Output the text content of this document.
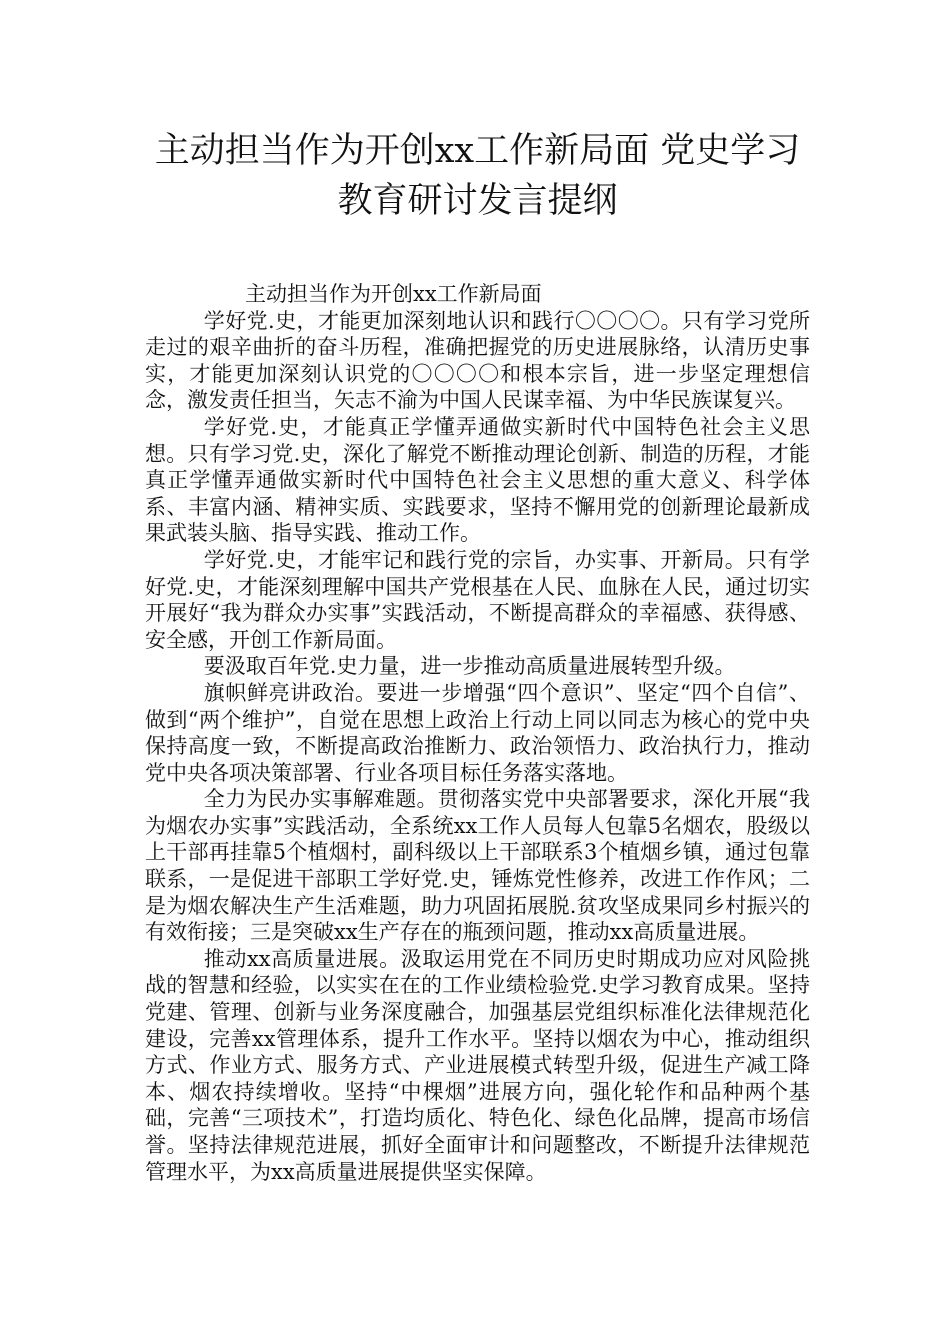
主动担当作为开创xx工作新局面 党史学习教育研讨发言提纲
主动担当作为开创xx工作新局面

学好党.史，才能更加深刻地认识和践行〇〇〇〇。只有学习党所走过的艰辛曲折的奋斗历程，准确把握党的历史进展脉络，认清历史事实，才能更加深刻认识党的〇〇〇〇和根本宗旨，进一步坚定理想信念，激发责任担当，矢志不渝为中国人民谋幸福、为中华民族谋复兴。

学好党.史，才能真正学懂弄通做实新时代中国特色社会主义思想。只有学习党.史，深化了解党不断推动理论创新、制造的历程，才能真正学懂弄通做实新时代中国特色社会主义思想的重大意义、科学体系、丰富内涵、精神实质、实践要求，坚持不懈用党的创新理论最新成果武装头脑、指导实践、推动工作。

学好党.史，才能牢记和践行党的宗旨，办实事、开新局。只有学好党.史，才能深刻理解中国共产党根基在人民、血脉在人民，通过切实开展好“我为群众办实事”实践活动，不断提高群众的幸福感、获得感、安全感，开创工作新局面。

要汲取百年党.史力量，进一步推动高质量进展转型升级。

旗帜鲜亮讲政治。要进一步增强“四个意识”、坚定“四个自信”、做到“两个维护”，自觉在思想上政治上行动上同以同志为核心的党中央保持高度一致，不断提高政治推断力、政治领悟力、政治执行力，推动党中央各项决策部署、行业各项目标任务落实落地。

全力为民办实事解难题。贯彻落实党中央部署要求，深化开展“我为烟农办实事”实践活动，全系统xx工作人员每人包靠5名烟农，股级以上干部再挂靠5个植烟村，副科级以上干部联系3个植烟乡镇，通过包靠联系，一是促进干部职工学好党.史，锤炼党性修养，改进工作作风；二是为烟农解决生产生活难题，助力巩固拓展脱.贫攻坚成果同乡村振兴的有效衔接；三是突破xx生产存在的瓶颈问题，推动xx高质量进展。

推动xx高质量进展。汲取运用党在不同历史时期成功应对风险挑战的智慧和经验，以实实在在的工作业绩检验党.史学习教育成果。坚持党建、管理、创新与业务深度融合，加强基层党组织标准化法律规范化建设，完善xx管理体系，提升工作水平。坚持以烟农为中心，推动组织方式、作业方式、服务方式、产业进展模式转型升级，促进生产减工降本、烟农持续增收。坚持“中棵烟”进展方向，强化轮作和品种两个基础，完善“三项技术”，打造均质化、特色化、绿色化品牌，提高市场信誉。坚持法律规范进展，抓好全面审计和问题整改，不断提升法律规范管理水平，为xx高质量进展提供坚实保障。
